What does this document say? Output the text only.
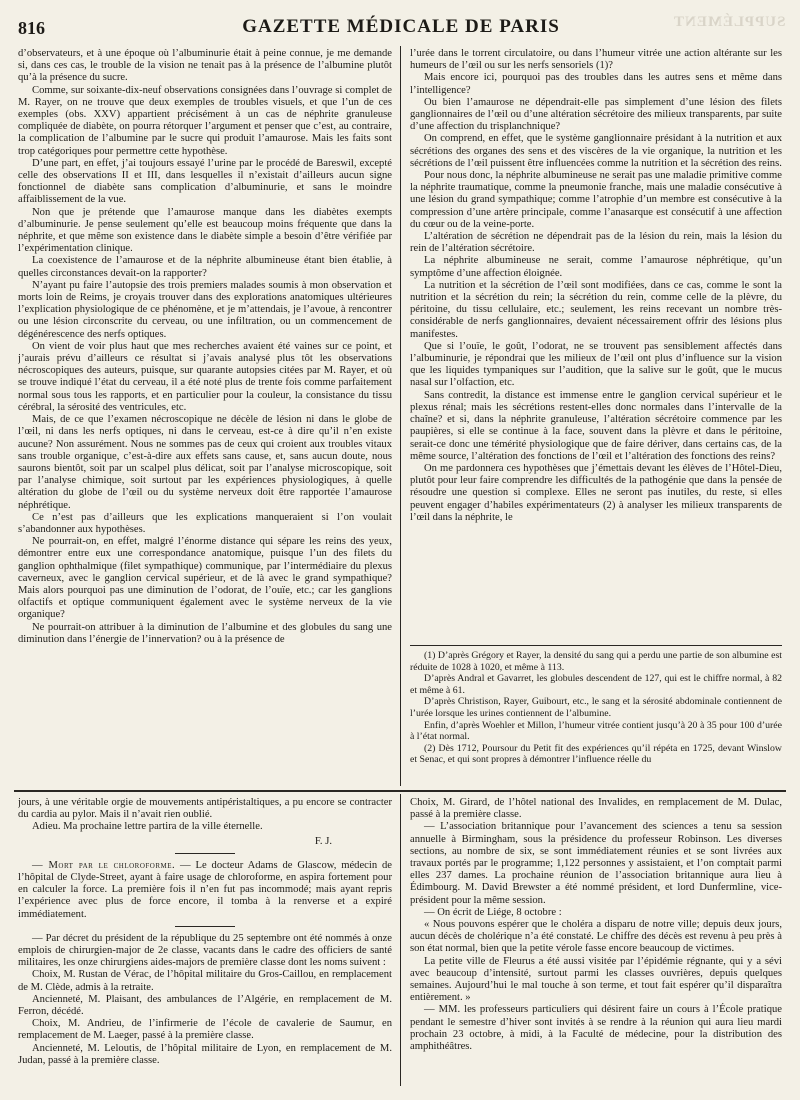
816	GAZETTE MÉDICALE DE PARIS	SUPPLÉMENT

d’observateurs, et à une époque où l’albuminurie était à peine connue, je me demande si, dans ces cas, le trouble de la vision ne tenait pas à la présence de l’albumine plutôt qu’à la présence du sucre.

Comme, sur soixante-dix-neuf observations consignées dans l’ouvrage si complet de M. Rayer, on ne trouve que deux exemples de troubles visuels, et que l’un de ces exemples (obs. XXV) appartient précisément à un cas de néphrite granuleuse compliquée de diabète, on pourra rétorquer l’argument et penser que c’est, au contraire, la complication de l’albumine par le sucre qui produit l’amaurose. Mais les faits sont trop catégoriques pour permettre cette hypothèse.

D’une part, en effet, j’ai toujours essayé l’urine par le procédé de Bareswil, excepté celle des observations II et III, dans lesquelles il n’existait d’ailleurs aucun signe fonctionnel de diabète sans complication d’albuminurie, et sans le moindre affaiblissement de la vue.

Non que je prétende que l’amaurose manque dans les diabètes exempts d’albuminurie. Je pense seulement qu’elle est beaucoup moins fréquente que dans la néphrite, et que même son existence dans le diabète simple a besoin d’être vérifiée par l’expérimentation clinique.

La coexistence de l’amaurose et de la néphrite albumineuse étant bien établie, à quelles circonstances devait-on la rapporter?

N’ayant pu faire l’autopsie des trois premiers malades soumis à mon observation et morts loin de Reims, je croyais trouver dans des explorations anatomiques ultérieures l’explication physiologique de ce phénomène, et je m’attendais, je l’avoue, à rencontrer ou une lésion circonscrite du cerveau, ou une infiltration, ou un commencement de dégénérescence des nerfs optiques.

On vient de voir plus haut que mes recherches avaient été vaines sur ce point, et j’aurais prévu d’ailleurs ce résultat si j’avais analysé plus tôt les observations nécroscopiques des auteurs, puisque, sur quarante autopsies citées par M. Rayer, et où se trouve indiqué l’état du cerveau, il a été noté plus de trente fois comme parfaitement normal sous tous les rapports, et en particulier pour la couleur, la consistance du tissu cérébral, la sérosité des ventricules, etc.

Mais, de ce que l’examen nécroscopique ne décèle de lésion ni dans le globe de l’œil, ni dans les nerfs optiques, ni dans le cerveau, est-ce à dire qu’il n’en existe aucune? Non assurément. Nous ne sommes pas de ceux qui croient aux troubles vitaux sans trouble organique, c’est-à-dire aux effets sans cause, et, sans aucun doute, nous saurons bientôt, soit par un scalpel plus délicat, soit par l’analyse microscopique, soit par l’analyse chimique, soit surtout par les expériences physiologiques, à quelle altération du globe de l’œil ou du système nerveux doit être rapportée l’amaurose néphrétique.

Ce n’est pas d’ailleurs que les explications manqueraient si l’on voulait s’abandonner aux hypothèses.

Ne pourrait-on, en effet, malgré l’énorme distance qui sépare les reins des yeux, démontrer entre eux une correspondance anatomique, puisque l’un des filets du ganglion ophthalmique (filet sympathique) communique, par l’intermédiaire du plexus caverneux, avec le ganglion cervical supérieur, et de là avec le grand sympathique? Mais alors pourquoi pas une diminution de l’odorat, de l’ouïe, etc.; car les ganglions olfactifs et optique communiquent également avec le système nerveux de la vie organique?

Ne pourrait-on attribuer à la diminution de l’albumine et des globules du sang une diminution dans l’énergie de l’innervation? ou à la présence de

l’urée dans le torrent circulatoire, ou dans l’humeur vitrée une action altérante sur les humeurs de l’œil ou sur les nerfs sensoriels (1)?

Mais encore ici, pourquoi pas des troubles dans les autres sens et même dans l’intelligence?

Ou bien l’amaurose ne dépendrait-elle pas simplement d’une lésion des filets ganglionnaires de l’œil ou d’une altération sécrétoire des milieux transparents, par suite d’une affection du trisplanchnique?

On comprend, en effet, que le système ganglionnaire présidant à la nutrition et aux sécrétions des organes des sens et des viscères de la vie organique, la nutrition et les sécrétions de l’œil puissent être influencées comme la nutrition et la sécrétion des reins.

Pour nous donc, la néphrite albumineuse ne serait pas une maladie primitive comme la néphrite traumatique, comme la pneumonie franche, mais une maladie consécutive à une lésion du grand sympathique; comme l’atrophie d’un membre est consécutive à la compression d’une artère principale, comme l’anasarque est consécutif à une affection du cœur ou de la veine-porte.

L’altération de sécrétion ne dépendrait pas de la lésion du rein, mais la lésion du rein de l’altération sécrétoire.

La néphrite albumineuse ne serait, comme l’amaurose néphrétique, qu’un symptôme d’une affection éloignée.

La nutrition et la sécrétion de l’œil sont modifiées, dans ce cas, comme le sont la nutrition et la sécrétion du rein; la sécrétion du rein, comme celle de la plèvre, du péritoine, du tissu cellulaire, etc.; seulement, les reins recevant un nombre très-considérable de nerfs ganglionnaires, devaient nécessairement offrir des lésions plus manifestes.

Que si l’ouïe, le goût, l’odorat, ne se trouvent pas sensiblement affectés dans l’albuminurie, je répondrai que les milieux de l’œil ont plus d’influence sur la vision que les liquides tympaniques sur l’audition, que la salive sur le goût, que le mucus nasal sur l’olfaction, etc.

Sans contredit, la distance est immense entre le ganglion cervical supérieur et le plexus rénal; mais les sécrétions restent-elles donc normales dans l’intervalle de la chaîne? et si, dans la néphrite granuleuse, l’altération sécrétoire commence par les paupières, si elle se continue à la face, souvent dans la plèvre et dans le péritoine, serait-ce donc une témérité physiologique que de faire dériver, dans certains cas, de la même source, l’altération des fonctions de l’œil et l’altération des fonctions des reins?

On me pardonnera ces hypothèses que j’émettais devant les élèves de l’Hôtel-Dieu, plutôt pour leur faire comprendre les difficultés de la pathogénie que dans la pensée de résoudre une question si complexe. Elles ne seront pas inutiles, du reste, si elles peuvent engager d’habiles expérimentateurs (2) à analyser les milieux transparents de l’œil dans la néphrite, le

(1) D’après Grégory et Rayer, la densité du sang qui a perdu une partie de son albumine est réduite de 1028 à 1020, et même à 113.

D’après Andral et Gavarret, les globules descendent de 127, qui est le chiffre normal, à 82 et même à 61.

D’après Christison, Rayer, Guibourt, etc., le sang et la sérosité abdominale contiennent de l’urée lorsque les urines contiennent de l’albumine.

Enfin, d’après Woehler et Millon, l’humeur vitrée contient jusqu’à 20 à 35 pour 100 d’urée à l’état normal.

(2) Dès 1712, Poursour du Petit fit des expériences qu’il répéta en 1725, devant Winslow et Senac, et qui sont propres à démontrer l’influence réelle du

jours, à une véritable orgie de mouvements antipéristaltiques, a pu encore se contracter du cardia au pylor. Mais il n’avait rien oublié.

Adieu. Ma prochaine lettre partira de la ville éternelle.

F. J.

— Mort par le chloroforme. — Le docteur Adams de Glascow, médecin de l’hôpital de Clyde-Street, ayant à faire usage de chloroforme, en aspira fortement pour en calculer la force. La première fois il n’en fut pas incommodé; mais ayant repris l’expérience avec plus de force encore, il tomba à la renverse et a expiré immédiatement.

— Par décret du président de la république du 25 septembre ont été nommés à onze emplois de chirurgien-major de 2e classe, vacants dans le cadre des officiers de santé militaires, les onze chirurgiens aides-majors de première classe dont les noms suivent :

Choix, M. Rustan de Vérac, de l’hôpital militaire du Gros-Caillou, en remplacement de M. Clède, admis à la retraite.

Ancienneté, M. Plaisant, des ambulances de l’Algérie, en remplacement de M. Ferron, décédé.

Choix, M. Andrieu, de l’infirmerie de l’école de cavalerie de Saumur, en remplacement de M. Laeger, passé à la première classe.

Ancienneté, M. Leloutis, de l’hôpital militaire de Lyon, en remplacement de M. Judan, passé à la première classe.

Choix, M. Girard, de l’hôtel national des Invalides, en remplacement de M. Dulac, passé à la première classe.

— L’association britannique pour l’avancement des sciences a tenu sa session annuelle à Birmingham, sous la présidence du professeur Robinson. Les diverses sections, au nombre de six, se sont immédiatement réunies et se sont livrées aux travaux portés par le programme; 1,122 personnes y assistaient, et l’on comptait parmi elles 237 dames. La prochaine réunion de l’association britannique aura lieu à Édimbourg. M. David Brewster a été nommé président, et lord Dunfermline, vice-président pour la même session.

— On écrit de Liége, 8 octobre :

« Nous pouvons espérer que le choléra a disparu de notre ville; depuis deux jours, aucun décès de cholérique n’a été constaté. Le chiffre des décès est revenu à peu près à son état normal, bien que la petite vérole fasse encore beaucoup de victimes.

La petite ville de Fleurus a été aussi visitée par l’épidémie régnante, qui y a sévi avec beaucoup d’intensité, surtout parmi les classes ouvrières, depuis quelques semaines. Aujourd’hui le mal touche à son terme, et tout fait espérer qu’il disparaîtra entièrement. »

— MM. les professeurs particuliers qui désirent faire un cours à l’École pratique pendant le semestre d’hiver sont invités à se rendre à la réunion qui aura lieu mardi prochain 23 octobre, à midi, à la Faculté de médecine, pour la distribution des amphithéâtres.
